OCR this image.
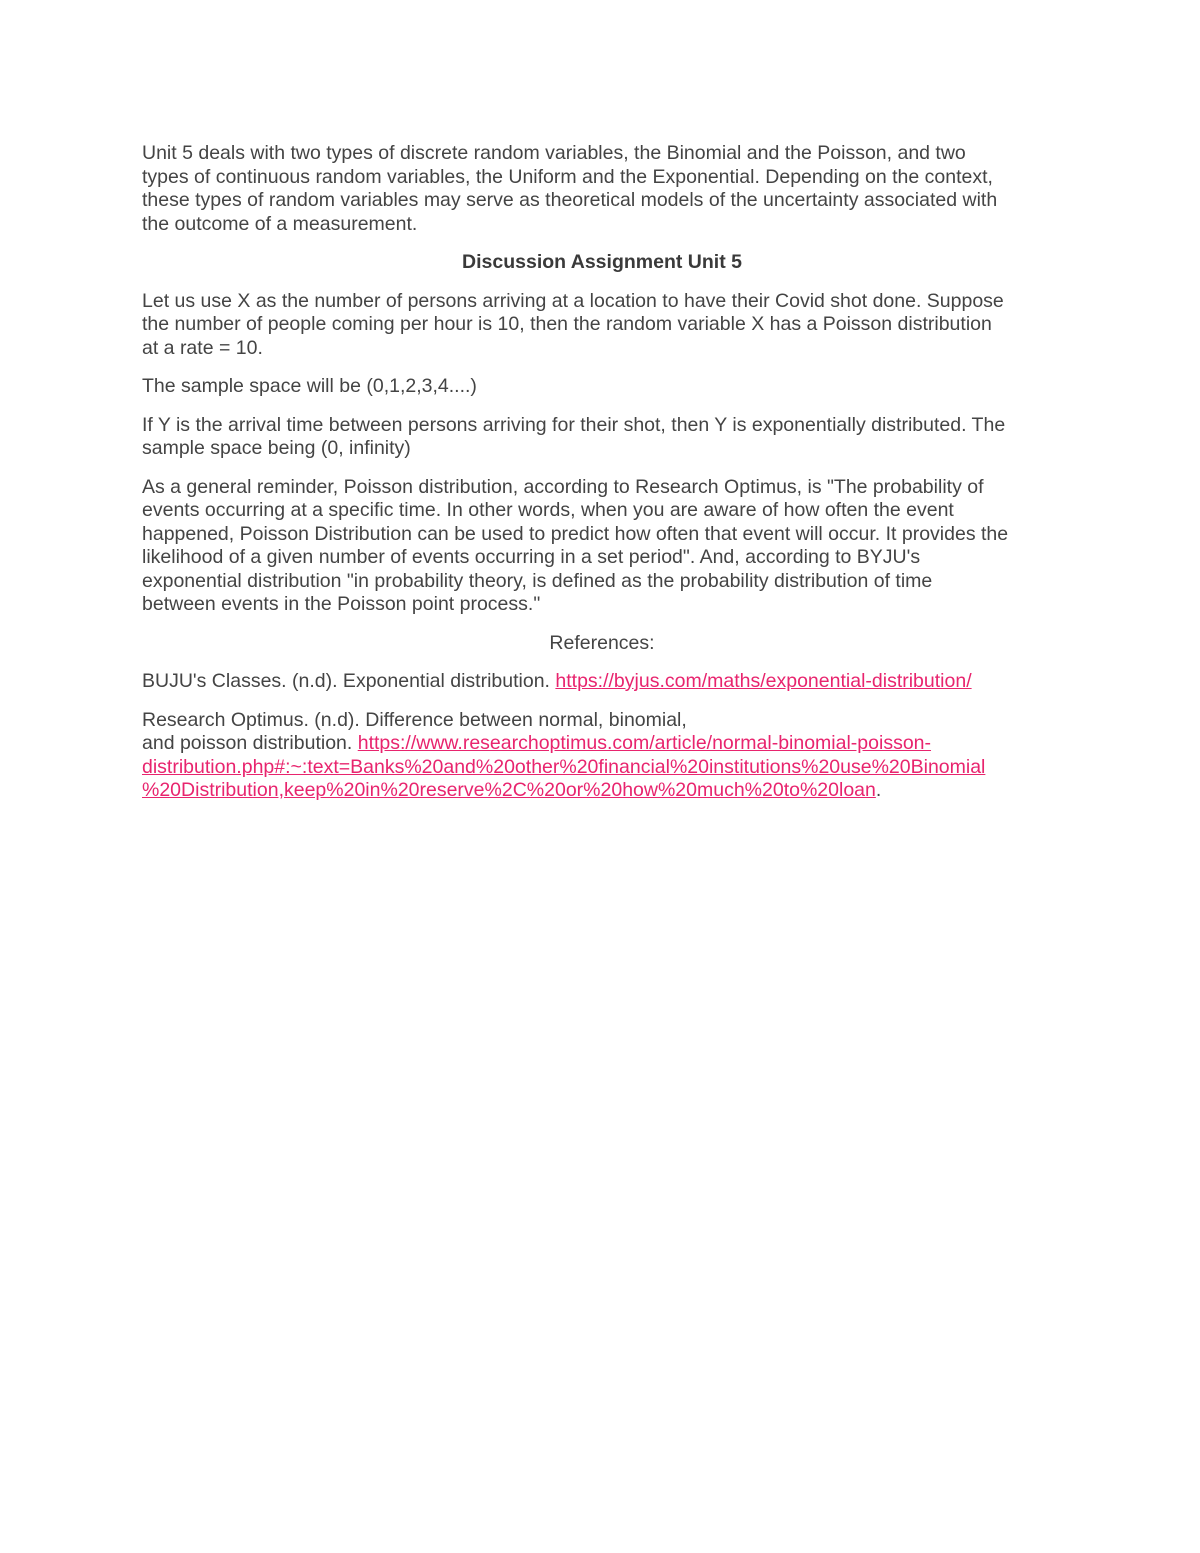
Unit 5 deals with two types of discrete random variables, the Binomial and the Poisson, and two
types of continuous random variables, the Uniform and the Exponential. Depending on the context,
these types of random variables may serve as theoretical models of the uncertainty associated with
the outcome of a measurement.

Discussion Assignment Unit 5

Let us use X as the number of persons arriving at a location to have their Covid shot done. Suppose
the number of people coming per hour is 10, then the random variable X has a Poisson distribution
at a rate = 10.

The sample space will be (0,1,2,3,4....)

If Y is the arrival time between persons arriving for their shot, then Y is exponentially distributed. The
sample space being (0, infinity)

As a general reminder, Poisson distribution, according to Research Optimus, is "The probability of
events occurring at a specific time. In other words, when you are aware of how often the event
happened, Poisson Distribution can be used to predict how often that event will occur. It provides the
likelihood of a given number of events occurring in a set period". And, according to BYJU's
exponential distribution "in probability theory, is defined as the probability distribution of time
between events in the Poisson point process."

References:

BUJU's Classes. (n.d). Exponential distribution. https://byjus.com/maths/exponential-distribution/

Research Optimus. (n.d). Difference between normal, binomial,
and poisson distribution. https://www.researchoptimus.com/article/normal-binomial-poisson-
distribution.php#:~:text=Banks%20and%20other%20financial%20institutions%20use%20Binomial
%20Distribution,keep%20in%20reserve%2C%20or%20how%20much%20to%20loan.
